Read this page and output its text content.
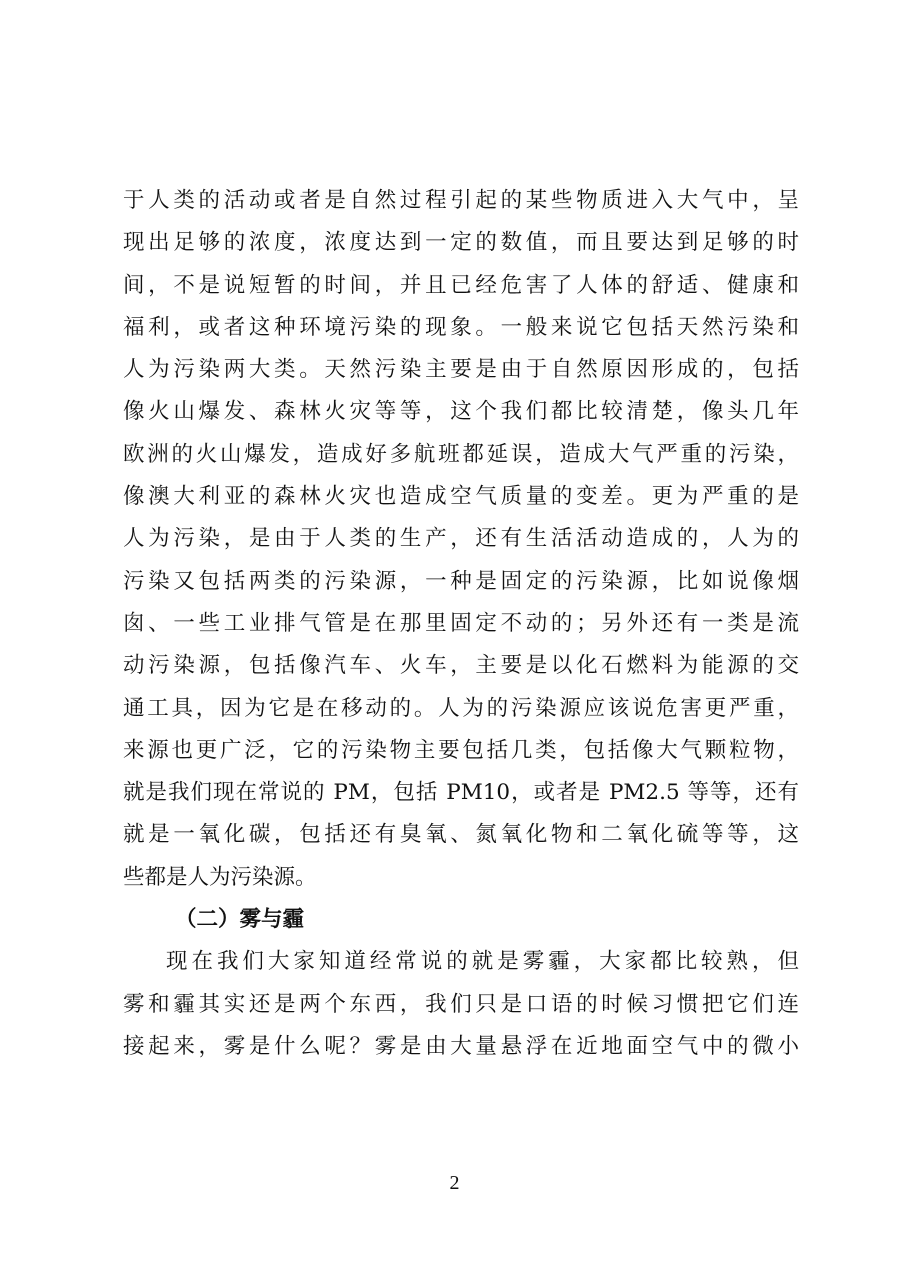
于人类的活动或者是自然过程引起的某些物质进入大气中，呈
现出足够的浓度，浓度达到一定的数值，而且要达到足够的时
间，不是说短暂的时间，并且已经危害了人体的舒适、健康和
福利，或者这种环境污染的现象。一般来说它包括天然污染和
人为污染两大类。天然污染主要是由于自然原因形成的，包括
像火山爆发、森林火灾等等，这个我们都比较清楚，像头几年
欧洲的火山爆发，造成好多航班都延误，造成大气严重的污染，
像澳大利亚的森林火灾也造成空气质量的变差。更为严重的是
人为污染，是由于人类的生产，还有生活活动造成的，人为的
污染又包括两类的污染源，一种是固定的污染源，比如说像烟
囱、一些工业排气管是在那里固定不动的；另外还有一类是流
动污染源，包括像汽车、火车，主要是以化石燃料为能源的交
通工具，因为它是在移动的。人为的污染源应该说危害更严重，
来源也更广泛，它的污染物主要包括几类，包括像大气颗粒物，
就是我们现在常说的 PM，包括 PM10，或者是 PM2.5 等等，还有
就是一氧化碳，包括还有臭氧、氮氧化物和二氧化硫等等，这
些都是人为污染源。
（二）雾与霾
现在我们大家知道经常说的就是雾霾，大家都比较熟，但
雾和霾其实还是两个东西，我们只是口语的时候习惯把它们连
接起来，雾是什么呢？雾是由大量悬浮在近地面空气中的微小
2
